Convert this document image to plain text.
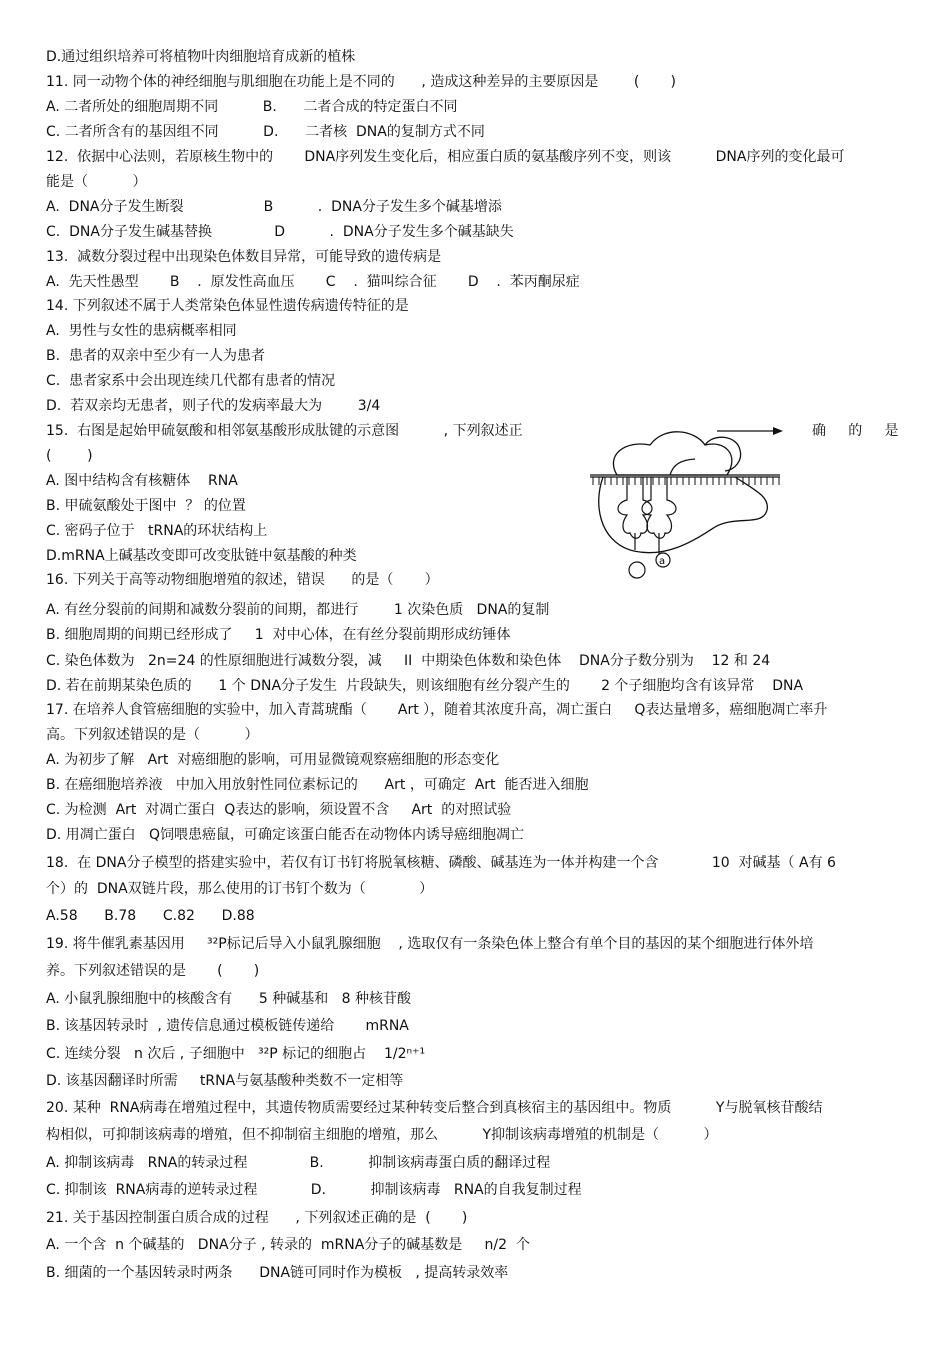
D.通过组织培养可将植物叶肉细胞培育成新的植株
11. 同一动物个体的神经细胞与肌细胞在功能上是不同的      , 造成这种差异的主要原因是        (       )
A. 二者所处的细胞周期不同          B.      二者合成的特定蛋白不同
C. 二者所含有的基因组不同          D.      二者核  DNA的复制方式不同
12.  依据中心法则，若原核生物中的       DNA序列发生变化后，相应蛋白质的氨基酸序列不变，则该          DNA序列的变化最可
能是（          ）
A.  DNA分子发生断裂                  B          .  DNA分子发生多个碱基增添
C.  DNA分子发生碱基替换              D          .  DNA分子发生多个碱基缺失
13.  减数分裂过程中出现染色体数目异常，可能导致的遗传病是
A.  先天性愚型       B    .  原发性高血压       C    .  猫叫综合征       D    .  苯丙酮尿症
14. 下列叙述不属于人类常染色体显性遗传病遗传特征的是
A.  男性与女性的患病概率相同
B.  患者的双亲中至少有一人为患者
C.  患者家系中会出现连续几代都有患者的情况
D.  若双亲均无患者，则子代的发病率最大为        3/4
15.  右图是起始甲硫氨酸和相邻氨基酸形成肽键的示意图          , 下列叙述正	确     的     是
(        )
A. 图中结构含有核糖体    RNA
B. 甲硫氨酸处于图中  ？ 的位置
C. 密码子位于   tRNA的环状结构上
D.mRNA上碱基改变即可改变肽链中氨基酸的种类
16. 下列关于高等动物细胞增殖的叙述，错误      的是（       ）
A. 有丝分裂前的间期和减数分裂前的间期，都进行        1 次染色质   DNA的复制
B. 细胞周期的间期已经形成了     1  对中心体，在有丝分裂前期形成纺锤体
C. 染色体数为   2n=24 的性原细胞进行减数分裂，减     II  中期染色体数和染色体    DNA分子数分别为    12 和 24
D. 若在前期某染色质的      1 个 DNA分子发生  片段缺失，则该细胞有丝分裂产生的       2 个子细胞均含有该异常    DNA
17. 在培养人食管癌细胞的实验中，加入青蒿琥酯（       Art ），随着其浓度升高，凋亡蛋白     Q表达量增多，癌细胞凋亡率升
高。下列叙述错误的是（          ）
A. 为初步了解   Art  对癌细胞的影响，可用显微镜观察癌细胞的形态变化
B. 在癌细胞培养液   中加入用放射性同位素标记的      Art ，可确定  Art  能否进入细胞
C. 为检测  Art  对凋亡蛋白  Q表达的影响，须设置不含     Art  的对照试验
D. 用凋亡蛋白   Q饲喂患癌鼠，可确定该蛋白能否在动物体内诱导癌细胞凋亡
18.  在 DNA分子模型的搭建实验中，若仅有订书钉将脱氧核糖、磷酸、碱基连为一体并构建一个含            10  对碱基（ A有 6
个）的  DNA双链片段，那么使用的订书钉个数为（            ）
A.58      B.78      C.82      D.88
19. 将牛催乳素基因用     ³²P标记后导入小鼠乳腺细胞    , 选取仅有一条染色体上整合有单个目的基因的某个细胞进行体外培
养。下列叙述错误的是       (       )
A. 小鼠乳腺细胞中的核酸含有      5 种碱基和   8 种核苷酸
B. 该基因转录时  , 遗传信息通过模板链传递给       mRNA
C. 连续分裂   n 次后 , 子细胞中   ³²P 标记的细胞占    1/2ⁿ⁺¹
D. 该基因翻译时所需     tRNA与氨基酸种类数不一定相等
20. 某种  RNA病毒在增殖过程中，其遗传物质需要经过某种转变后整合到真核宿主的基因组中。物质          Y与脱氧核苷酸结
构相似，可抑制该病毒的增殖，但不抑制宿主细胞的增殖，那么          Y抑制该病毒增殖的机制是（          ）
A. 抑制该病毒   RNA的转录过程              B.          抑制该病毒蛋白质的翻译过程
C. 抑制该  RNA病毒的逆转录过程            D.          抑制该病毒   RNA的自我复制过程
21. 关于基因控制蛋白质合成的过程      , 下列叙述正确的是  (       )
A. 一个含  n 个碱基的   DNA分子 , 转录的  mRNA分子的碱基数是     n/2  个
B. 细菌的一个基因转录时两条      DNA链可同时作为模板   , 提高转录效率
a
